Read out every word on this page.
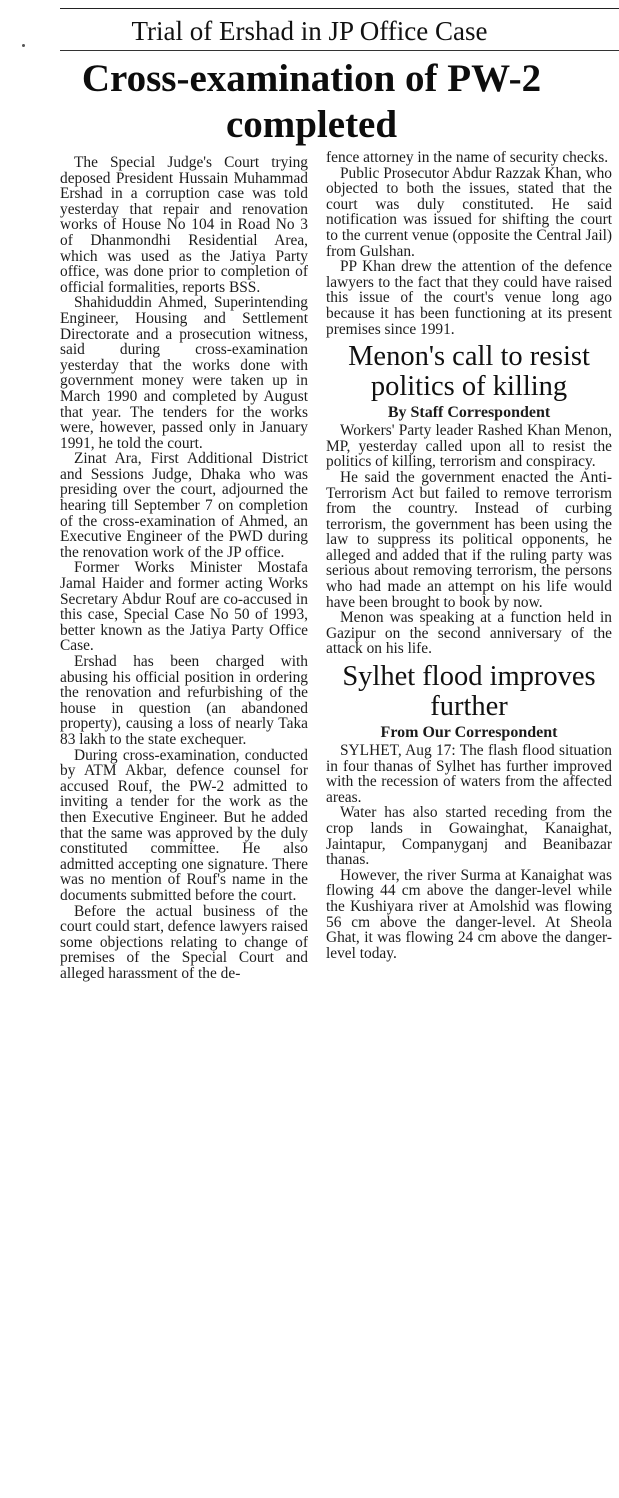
Trial of Ershad in JP Office Case
Cross-examination of PW-2 completed

The Special Judge's Court trying deposed President Hussain Muhammad Ershad in a corruption case was told yesterday that repair and renovation works of House No 104 in Road No 3 of Dhanmondhi Residential Area, which was used as the Jatiya Party office, was done prior to completion of official formalities, reports BSS.

Shahiduddin Ahmed, Superintending Engineer, Housing and Settlement Directorate and a prosecution witness, said during cross-examination yesterday that the works done with government money were taken up in March 1990 and completed by August that year. The tenders for the works were, however, passed only in January 1991, he told the court.

Zinat Ara, First Additional District and Sessions Judge, Dhaka who was presiding over the court, adjourned the hearing till September 7 on completion of the cross-examination of Ahmed, an Executive Engineer of the PWD during the renovation work of the JP office.

Former Works Minister Mostafa Jamal Haider and former acting Works Secretary Abdur Rouf are co-accused in this case, Special Case No 50 of 1993, better known as the Jatiya Party Office Case.

Ershad has been charged with abusing his official position in ordering the renovation and refurbishing of the house in question (an abandoned property), causing a loss of nearly Taka 83 lakh to the state exchequer.

During cross-examination, conducted by ATM Akbar, defence counsel for accused Rouf, the PW-2 admitted to inviting a tender for the work as the then Executive Engineer. But he added that the same was approved by the duly constituted committee. He also admitted accepting one signature. There was no mention of Rouf's name in the documents submitted before the court.

Before the actual business of the court could start, defence lawyers raised some objections relating to change of premises of the Special Court and alleged harassment of the de-

fence attorney in the name of security checks.

Public Prosecutor Abdur Razzak Khan, who objected to both the issues, stated that the court was duly constituted. He said notification was issued for shifting the court to the current venue (opposite the Central Jail) from Gulshan.

PP Khan drew the attention of the defence lawyers to the fact that they could have raised this issue of the court's venue long ago because it has been functioning at its present premises since 1991.

Menon's call to resist politics of killing
By Staff Correspondent

Workers' Party leader Rashed Khan Menon, MP, yesterday called upon all to resist the politics of killing, terrorism and conspiracy.

He said the government enacted the Anti-Terrorism Act but failed to remove terrorism from the country. Instead of curbing terrorism, the government has been using the law to suppress its political opponents, he alleged and added that if the ruling party was serious about removing terrorism, the persons who had made an attempt on his life would have been brought to book by now.

Menon was speaking at a function held in Gazipur on the second anniversary of the attack on his life.

Sylhet flood improves further
From Our Correspondent

SYLHET, Aug 17: The flash flood situation in four thanas of Sylhet has further improved with the recession of waters from the affected areas.

Water has also started receding from the crop lands in Gowainghat, Kanaighat, Jaintapur, Companyganj and Beanibazar thanas.

However, the river Surma at Kanaighat was flowing 44 cm above the danger-level while the Kushiyara river at Amolshid was flowing 56 cm above the danger-level. At Sheola Ghat, it was flowing 24 cm above the danger-level today.
